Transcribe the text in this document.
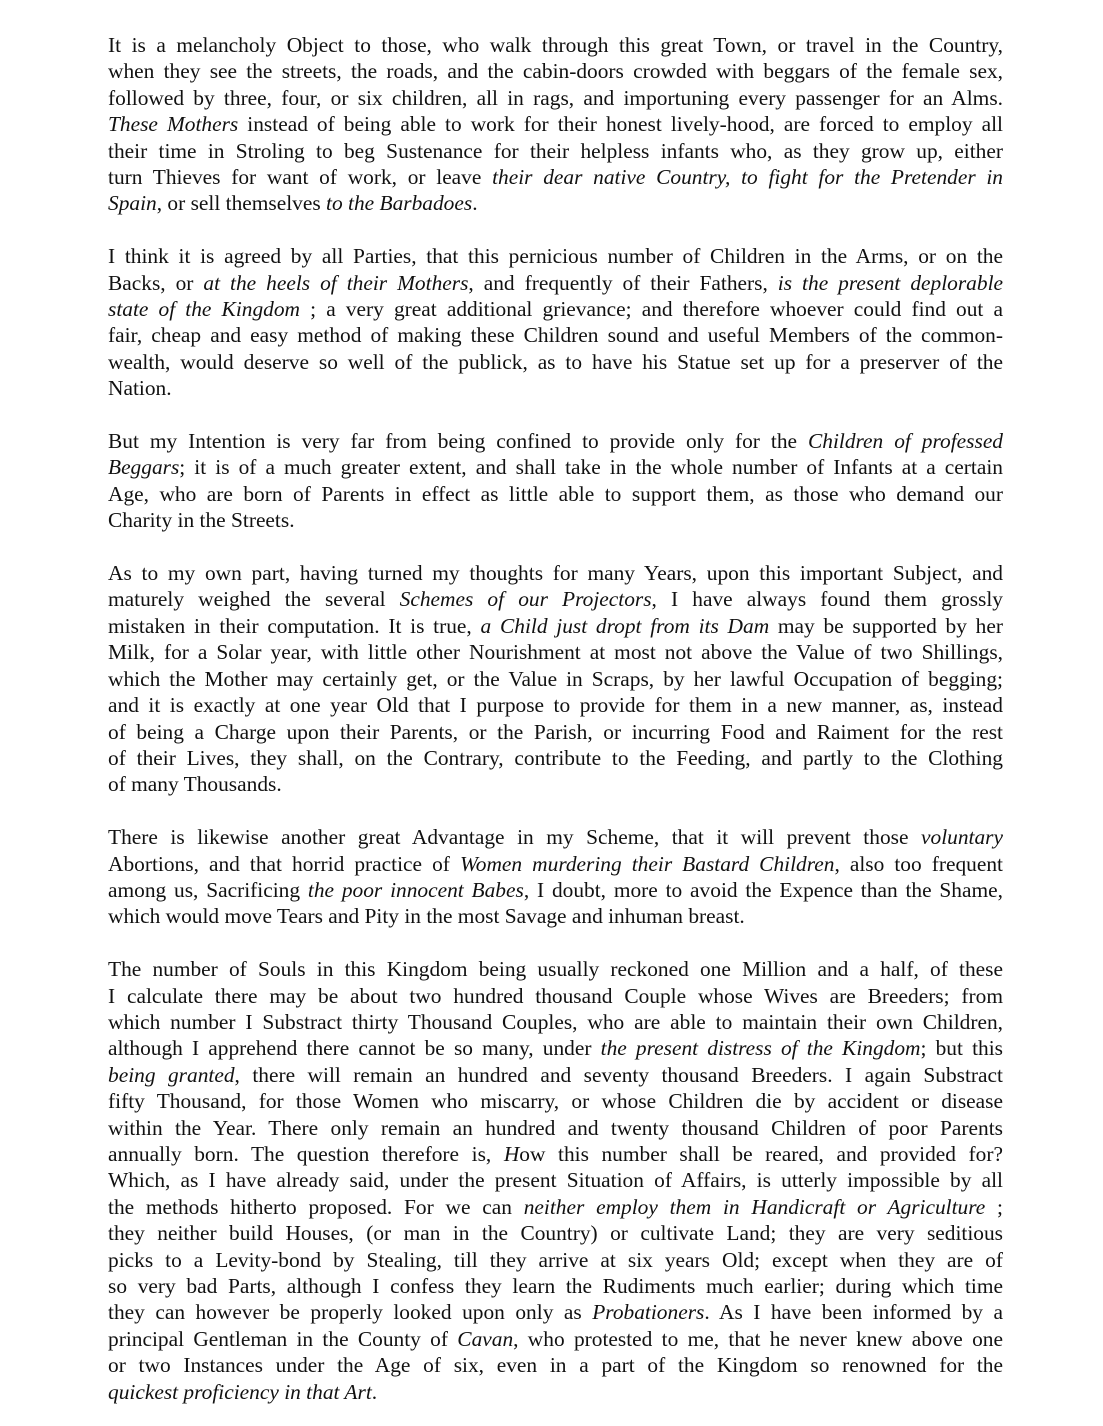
It is a melancholy Object to those, who walk through this great Town, or travel in the Country,
when they see the streets, the roads, and the cabin-doors crowded with beggars of the female sex,
followed by three, four, or six children, all in rags, and importuning every passenger for an Alms.
These Mothers instead of being able to work for their honest lively-hood, are forced to employ all
their time in Stroling to beg Sustenance for their helpless infants who, as they grow up, either
turn Thieves for want of work, or leave their dear native Country, to fight for the Pretender in
Spain, or sell themselves to the Barbadoes.
I think it is agreed by all Parties, that this pernicious number of Children in the Arms, or on the
Backs, or at the heels of their Mothers, and frequently of their Fathers, is the present deplorable
state of the Kingdom ; a very great additional grievance; and therefore whoever could find out a
fair, cheap and easy method of making these Children sound and useful Members of the common-
wealth, would deserve so well of the publick, as to have his Statue set up for a preserver of the
Nation.
But my Intention is very far from being confined to provide only for the Children of professed
Beggars; it is of a much greater extent, and shall take in the whole number of Infants at a certain
Age, who are born of Parents in effect as little able to support them, as those who demand our
Charity in the Streets.
As to my own part, having turned my thoughts for many Years, upon this important Subject, and
maturely weighed the several Schemes of our Projectors, I have always found them grossly
mistaken in their computation. It is true, a Child just dropt from its Dam may be supported by her
Milk, for a Solar year, with little other Nourishment at most not above the Value of two Shillings,
which the Mother may certainly get, or the Value in Scraps, by her lawful Occupation of begging;
and it is exactly at one year Old that I purpose to provide for them in a new manner, as, instead
of being a Charge upon their Parents, or the Parish, or incurring Food and Raiment for the rest
of their Lives, they shall, on the Contrary, contribute to the Feeding, and partly to the Clothing
of many Thousands.
There is likewise another great Advantage in my Scheme, that it will prevent those voluntary
Abortions, and that horrid practice of Women murdering their Bastard Children, also too frequent
among us, Sacrificing the poor innocent Babes, I doubt, more to avoid the Expence than the Shame,
which would move Tears and Pity in the most Savage and inhuman breast.
The number of Souls in this Kingdom being usually reckoned one Million and a half, of these
I calculate there may be about two hundred thousand Couple whose Wives are Breeders; from
which number I Substract thirty Thousand Couples, who are able to maintain their own Children,
although I apprehend there cannot be so many, under the present distress of the Kingdom; but this
being granted, there will remain an hundred and seventy thousand Breeders. I again Substract
fifty Thousand, for those Women who miscarry, or whose Children die by accident or disease
within the Year. There only remain an hundred and twenty thousand Children of poor Parents
annually born. The question therefore is, How this number shall be reared, and provided for?
Which, as I have already said, under the present Situation of Affairs, is utterly impossible by all
the methods hitherto proposed. For we can neither employ them in Handicraft or Agriculture ;
they neither build Houses, (or man in the Country) or cultivate Land; they are very seditious
picks to a Levity-bond by Stealing, till they arrive at six years Old; except when they are of
so very bad Parts, although I confess they learn the Rudiments much earlier; during which time
they can however be properly looked upon only as Probationers. As I have been informed by a
principal Gentleman in the County of Cavan, who protested to me, that he never knew above one
or two Instances under the Age of six, even in a part of the Kingdom so renowned for the
quickest proficiency in that Art.
